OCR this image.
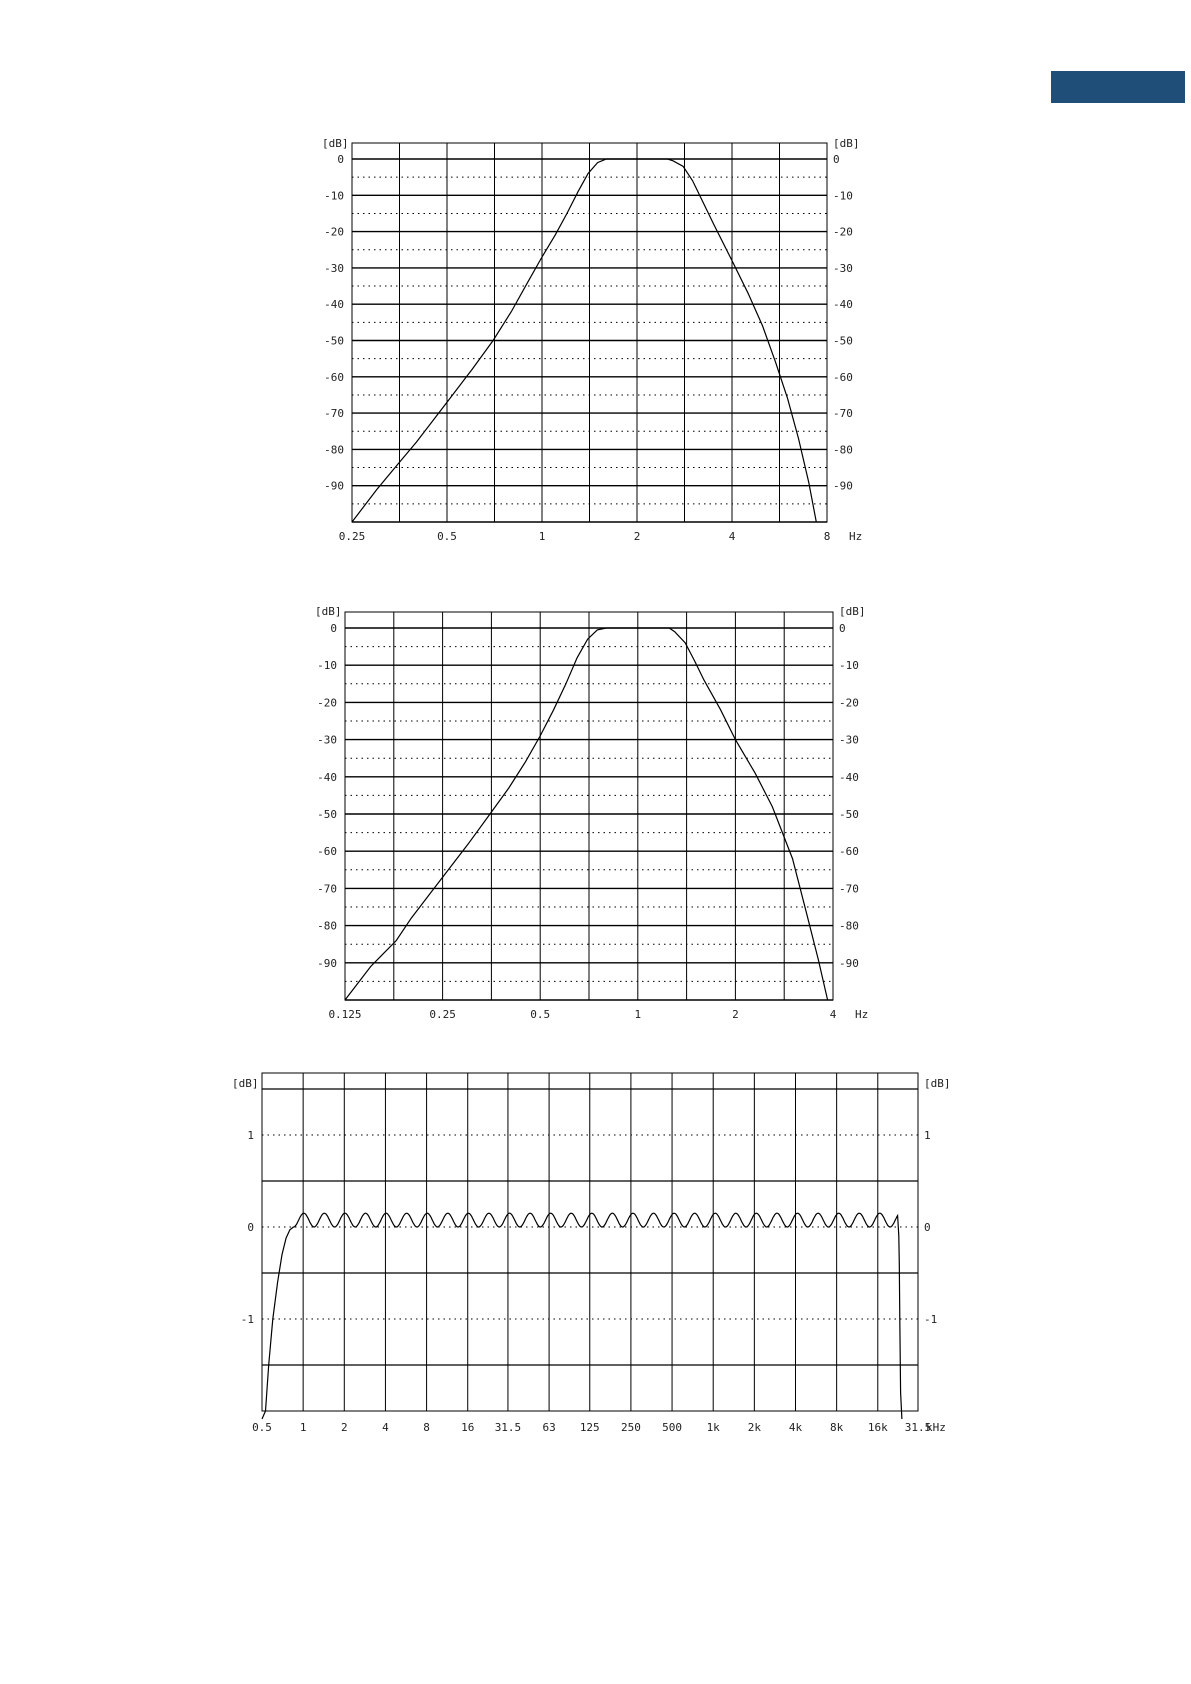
[dB]	[dB]
0	0
-10	-10
-20	-20
-30	-30
-40	-40
-50	-50
-60	-60
-70	-70
-80	-80
-90	-90
0.25	0.5	1	2	4	8 Hz
[dB]	[dB]
0	0
-10	-10
-20	-20
-30	-30
-40	-40
-50	-50
-60	-60
-70	-70
-80	-80
-90	-90
0.125	0.25	0.5	1	2	4 Hz
[dB]	[dB]
1	1
0	0
-1	-1
0.5	1	2	4	8	16 31.5 63 125 250 500 1k	2k	4k	8k 16k 31.5
kHz
